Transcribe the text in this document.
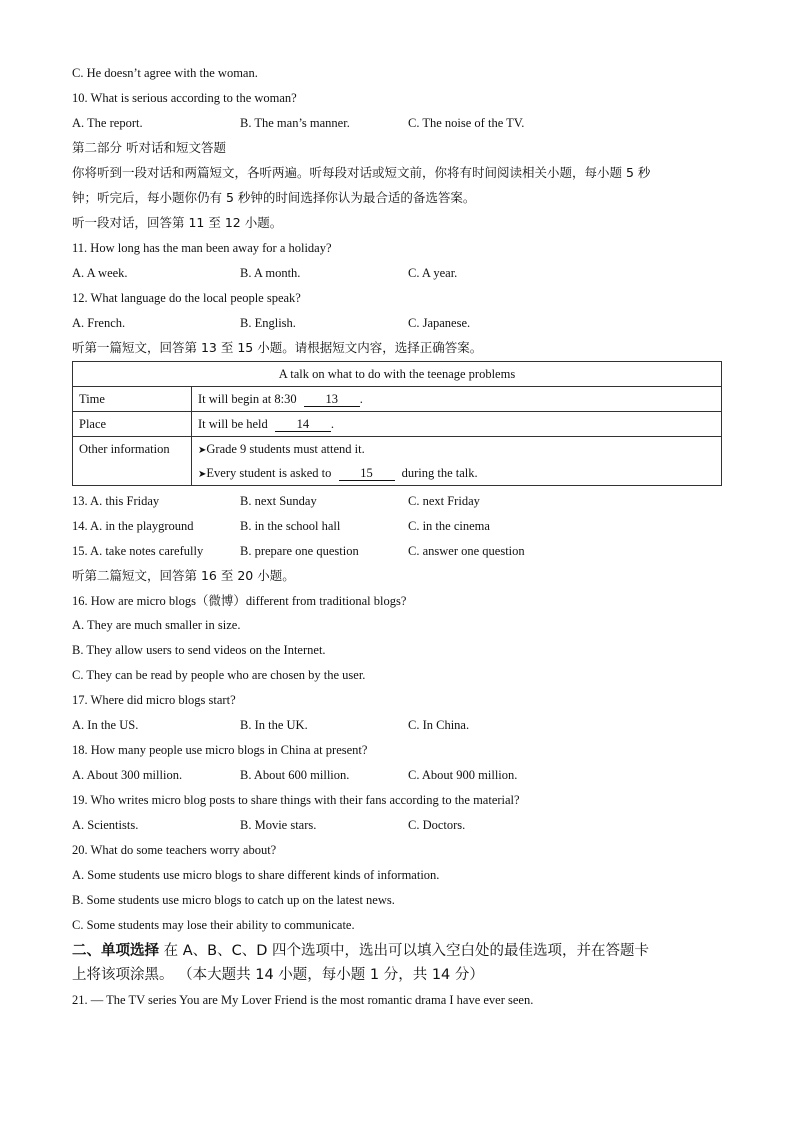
C. He doesn’t agree with the woman.
10. What is serious according to the woman?
A. The report.	B. The man’s manner.	C. The noise of the TV.
第二部分 听对话和短文答题
你将听到一段对话和两篇短文，各听两遍。听每段对话或短文前，你将有时间阅读相关小题，每小题 5 秒
钟；听完后，每小题你仍有 5 秒钟的时间选择你认为最合适的备选答案。
听一段对话，回答第 11 至 12 小题。
11. How long has the man been away for a holiday?
A. A week.	B. A month.	C. A year.
12. What language do the local people speak?
A. French.	B. English.	C. Japanese.
听第一篇短文，回答第 13 至 15 小题。请根据短文内容，选择正确答案。
A talk on what to do with the teenage problems	
Time	It will begin at 8:30 13 .
Place	It will be held 14 .
Other information	➤Grade 9 students must attend it.
	➤Every student is asked to 15 during the talk.
13. A. this Friday	B. next Sunday	C. next Friday
14. A. in the playground	B. in the school hall	C. in the cinema
15. A. take notes carefully	B. prepare one question	C. answer one question
听第二篇短文，回答第 16 至 20 小题。
16. How are micro blogs（微博）different from traditional blogs?
A. They are much smaller in size.
B. They allow users to send videos on the Internet.
C. They can be read by people who are chosen by the user.
17. Where did micro blogs start?
A. In the US.	B. In the UK.	C. In China.
18. How many people use micro blogs in China at present?
A. About 300 million.	B. About 600 million.	C. About 900 million.
19. Who writes micro blog posts to share things with their fans according to the material?
A. Scientists.	B. Movie stars.	C. Doctors.
20. What do some teachers worry about?
A. Some students use micro blogs to share different kinds of information.
B. Some students use micro blogs to catch up on the latest news.
C. Some students may lose their ability to communicate.
二、单项选择 在 A、B、C、D 四个选项中，选出可以填入空白处的最佳选项，并在答题卡
上将该项涂黑。 （本大题共 14 小题，每小题 1 分，共 14 分）
21. — The TV series You are My Lover Friend is the most romantic drama I have ever seen.
